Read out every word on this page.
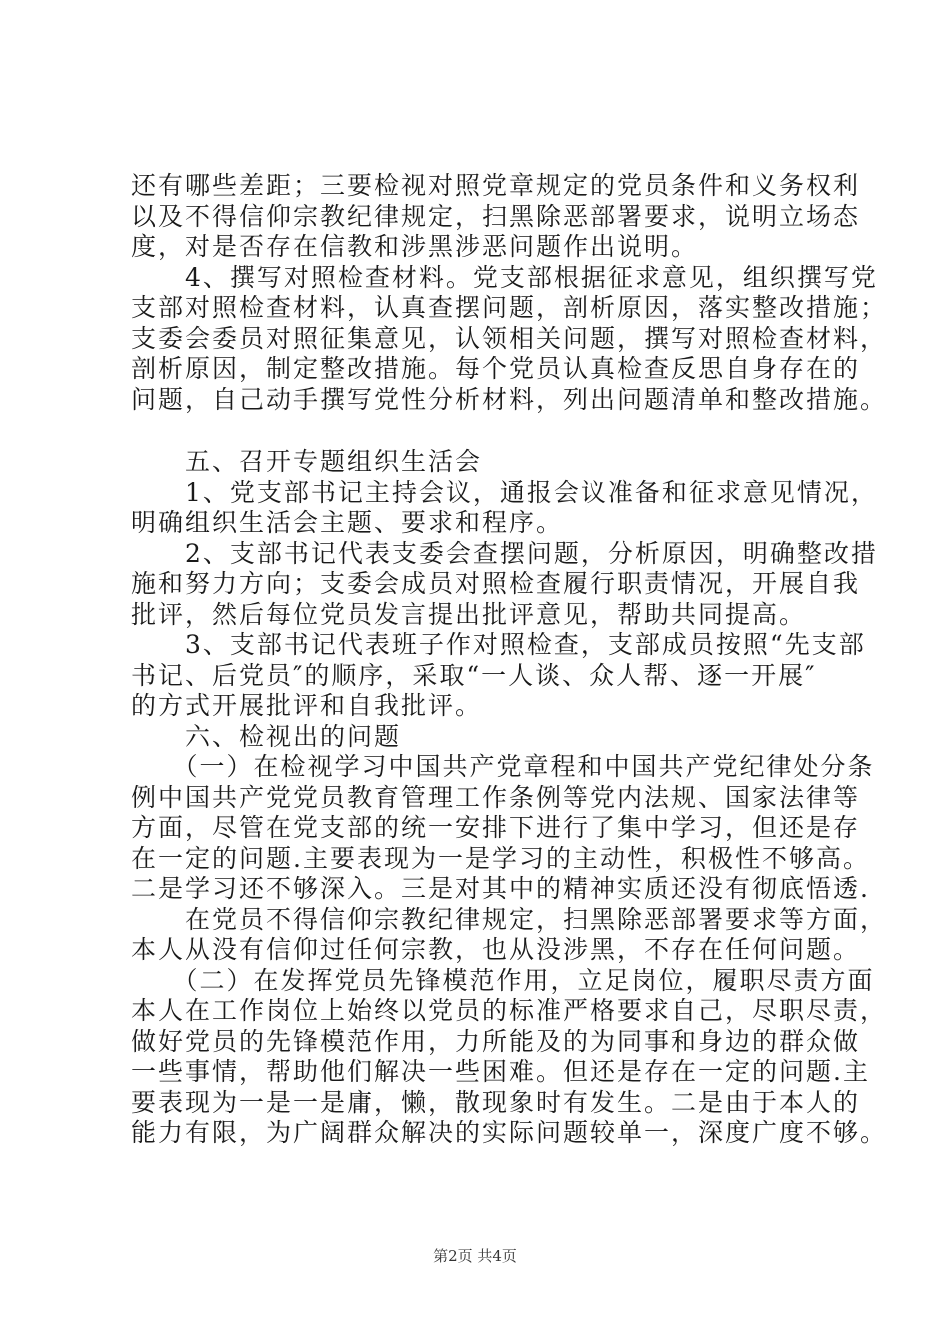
还有哪些差距；三要检视对照党章规定的党员条件和义务权利
以及不得信仰宗教纪律规定，扫黑除恶部署要求，说明立场态
度，对是否存在信教和涉黑涉恶问题作出说明。
　　4、撰写对照检查材料。党支部根据征求意见，组织撰写党
支部对照检查材料，认真查摆问题，剖析原因，落实整改措施；
支委会委员对照征集意见，认领相关问题，撰写对照检查材料，
剖析原因，制定整改措施。每个党员认真检查反思自身存在的
问题，自己动手撰写党性分析材料，列出问题清单和整改措施。
　　五、召开专题组织生活会
　　1、党支部书记主持会议，通报会议准备和征求意见情况，
明确组织生活会主题、要求和程序。
　　2、支部书记代表支委会查摆问题，分析原因，明确整改措
施和努力方向；支委会成员对照检查履行职责情况，开展自我
批评，然后每位党员发言提出批评意见，帮助共同提高。
　　3、支部书记代表班子作对照检查，支部成员按照“先支部
书记、后党员″的顺序，采取“一人谈、众人帮、逐一开展″
的方式开展批评和自我批评。
　　六、检视出的问题
　　（一）在检视学习中国共产党章程和中国共产党纪律处分条
例中国共产党党员教育管理工作条例等党内法规、国家法律等
方面，尽管在党支部的统一安排下进行了集中学习，但还是存
在一定的问题.主要表现为一是学习的主动性，积极性不够高。
二是学习还不够深入。三是对其中的精神实质还没有彻底悟透.
　　在党员不得信仰宗教纪律规定，扫黑除恶部署要求等方面，
本人从没有信仰过任何宗教，也从没涉黑，不存在任何问题。
　　（二）在发挥党员先锋模范作用，立足岗位，履职尽责方面
本人在工作岗位上始终以党员的标准严格要求自己，尽职尽责，
做好党员的先锋模范作用，力所能及的为同事和身边的群众做
一些事情，帮助他们解决一些困难。但还是存在一定的问题.主
要表现为一是一是庸，懒，散现象时有发生。二是由于本人的
能力有限，为广阔群众解决的实际问题较单一，深度广度不够。
第2页 共4页
